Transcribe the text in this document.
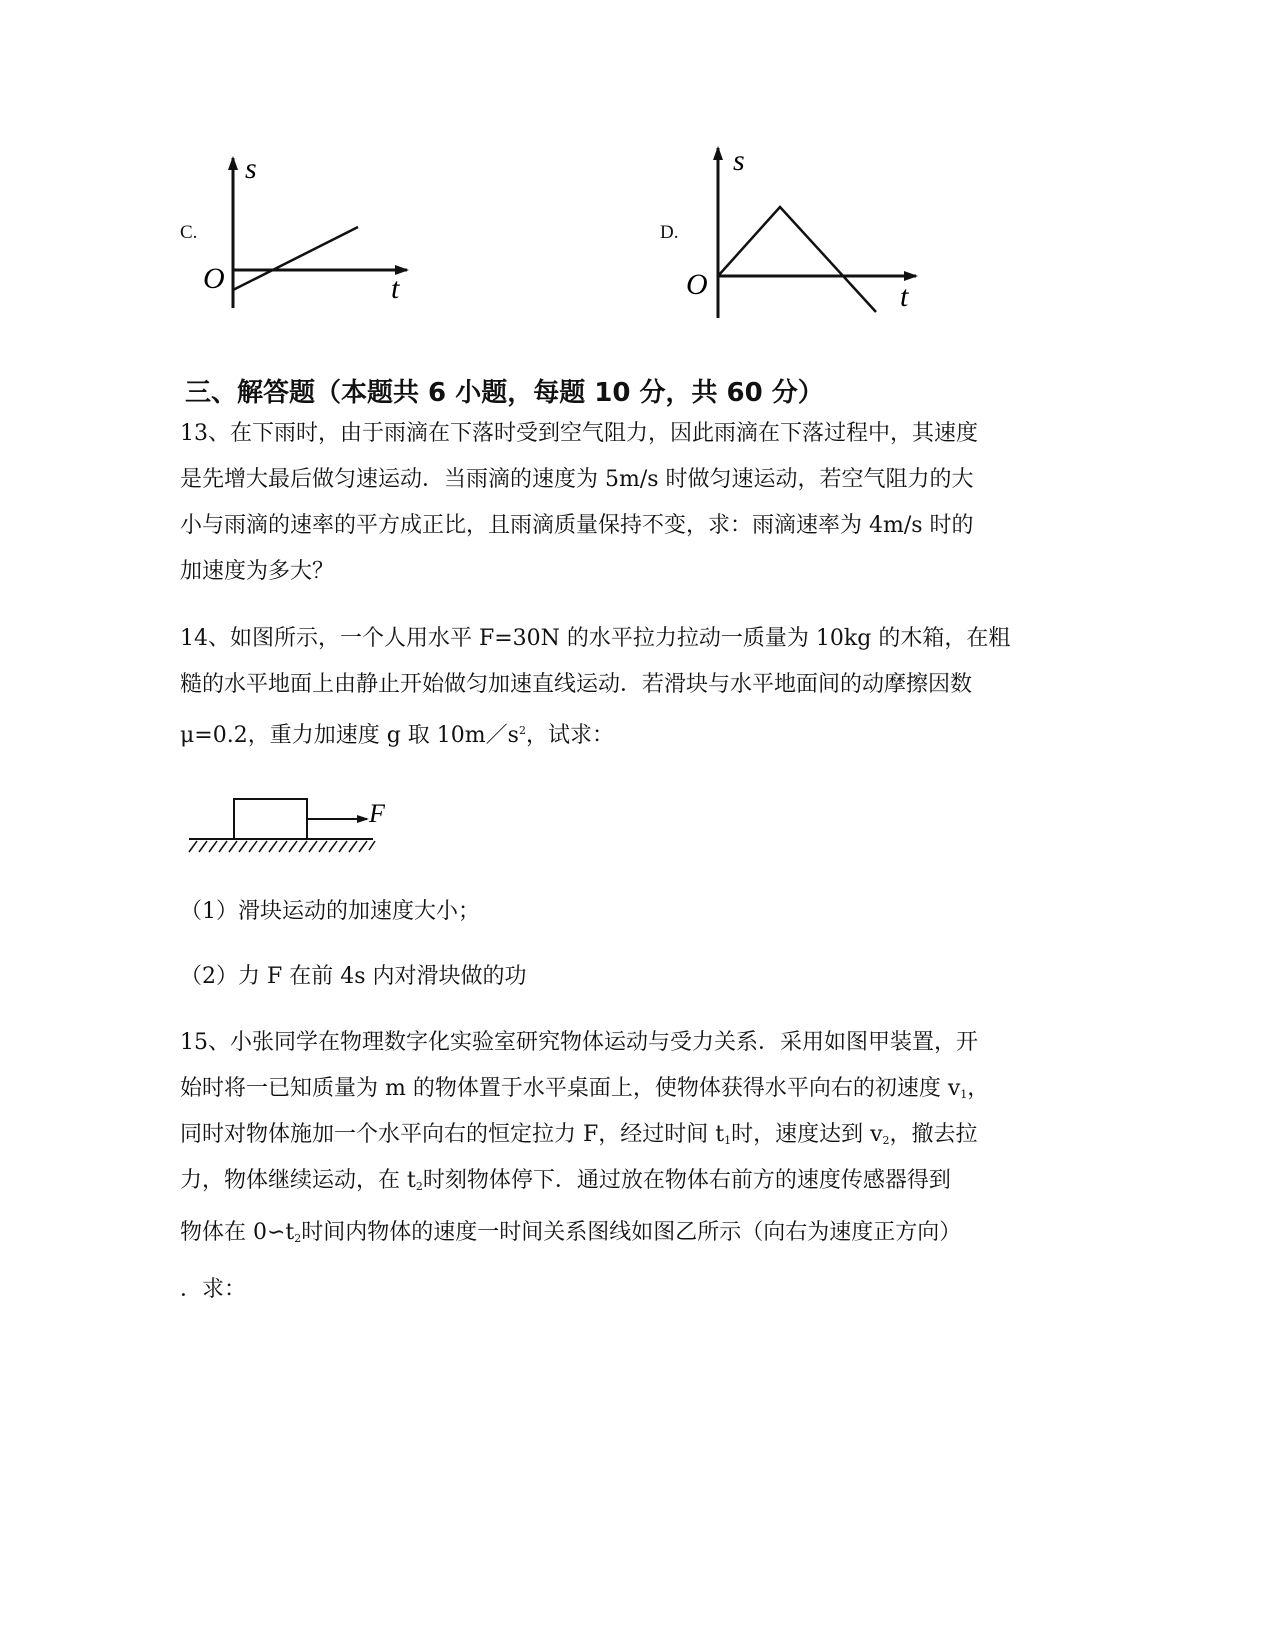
C.
s
t
O
D.
s
t
O
三、解答题（本题共 6 小题，每题 10 分，共 60 分）
13、在下雨时，由于雨滴在下落时受到空气阻力，因此雨滴在下落过程中，其速度
是先增大最后做匀速运动．当雨滴的速度为 5m/s 时做匀速运动，若空气阻力的大
小与雨滴的速率的平方成正比，且雨滴质量保持不变，求：雨滴速率为 4m/s 时的
加速度为多大？
14、如图所示，一个人用水平 F=30N 的水平拉力拉动一质量为 10kg 的木箱，在粗
糙的水平地面上由静止开始做匀加速直线运动．若滑块与水平地面间的动摩擦因数
μ=0.2，重力加速度 g 取 $10m/s^2$，试求：
F
（1）滑块运动的加速度大小；
（2）力 F 在前 4s 内对滑块做的功
15、小张同学在物理数字化实验室研究物体运动与受力关系．采用如图甲装置，开
始时将一已知质量为 m 的物体置于水平桌面上，使物体获得水平向右的初速度 $v_1$，
同时对物体施加一个水平向右的恒定拉力 F，经过时间 $t_1$时，速度达到 $v_2$，撤去拉
力，物体继续运动，在 $t_2$时刻物体停下．通过放在物体右前方的速度传感器得到
物体在 $0∽t_2$时间内物体的速度一时间关系图线如图乙所示（向右为速度正方向）
．求：
